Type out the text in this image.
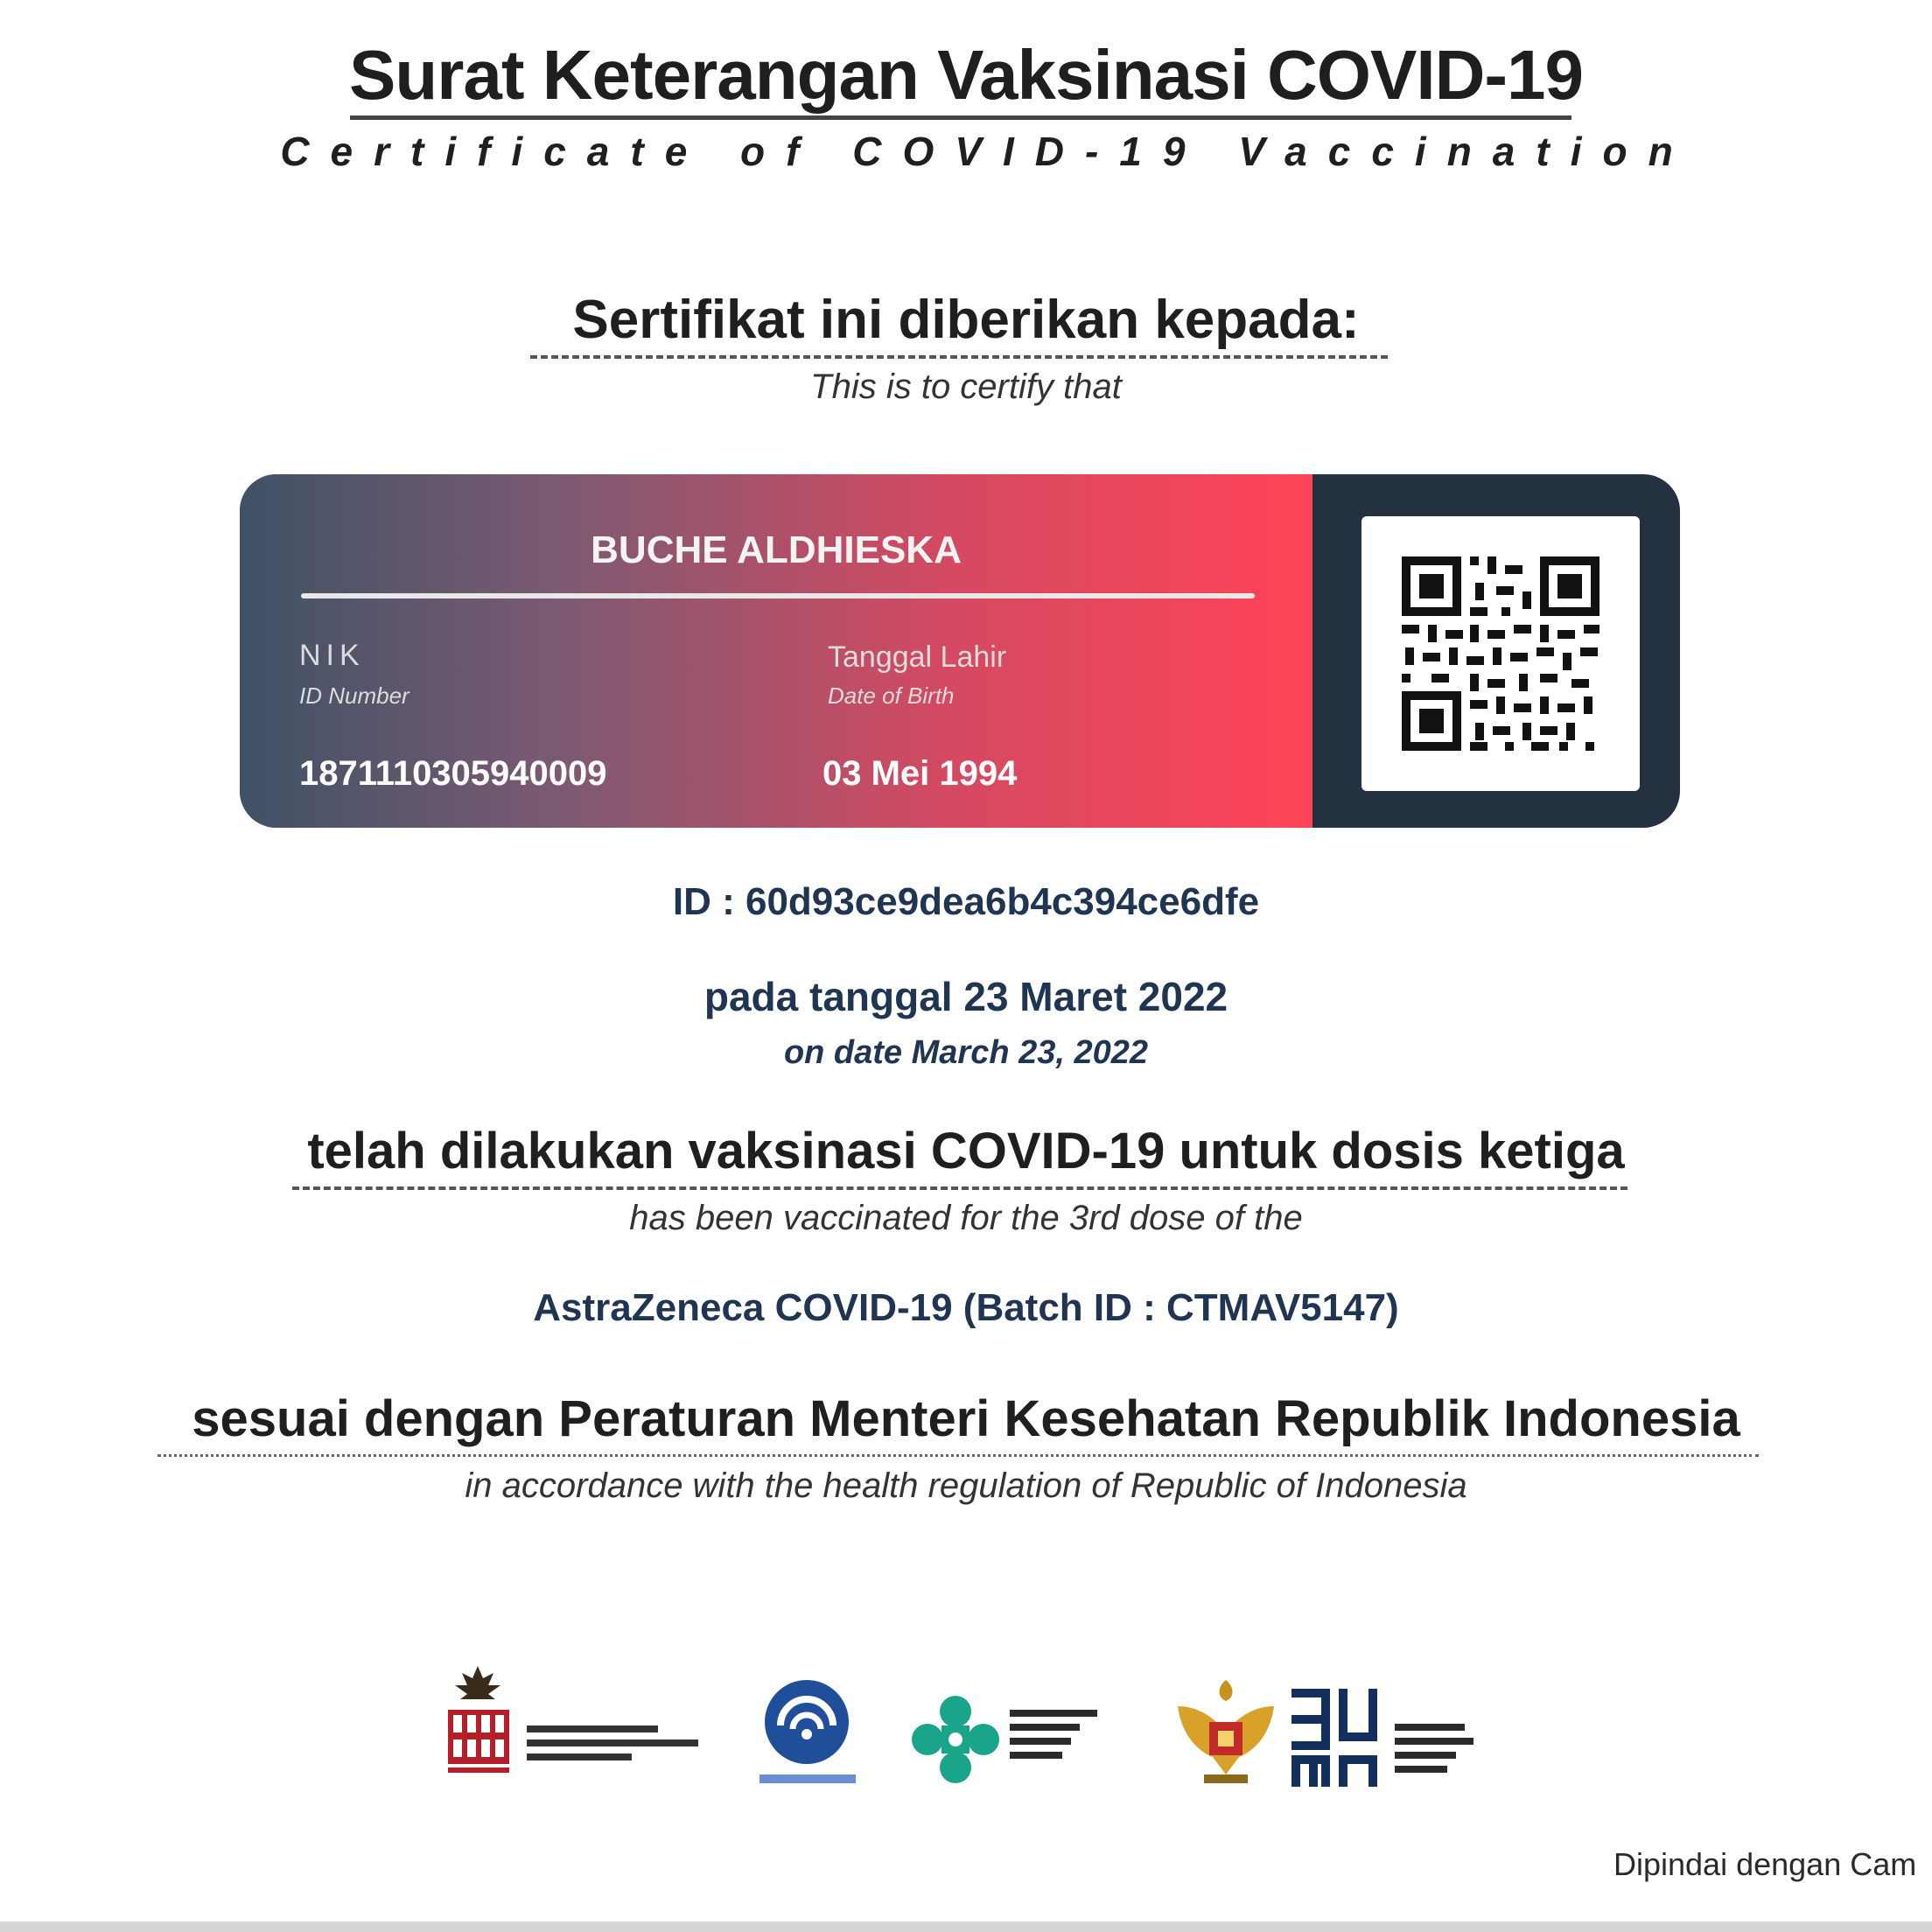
Surat Keterangan Vaksinasi COVID-19
Certificate of COVID-19 Vaccination
Sertifikat ini diberikan kepada:
This is to certify that
BUCHE ALDHIESKA
NIK
ID Number
1871110305940009
Tanggal Lahir
Date of Birth
03 Mei 1994
ID : 60d93ce9dea6b4c394ce6dfe
pada tanggal 23 Maret 2022
on date March 23, 2022
telah dilakukan vaksinasi COVID-19 untuk dosis ketiga
has been vaccinated for the 3rd dose of the
AstraZeneca COVID-19 (Batch ID : CTMAV5147)
sesuai dengan Peraturan Menteri Kesehatan Republik Indonesia
in accordance with the health regulation of Republic of Indonesia
Dipindai dengan Cam
